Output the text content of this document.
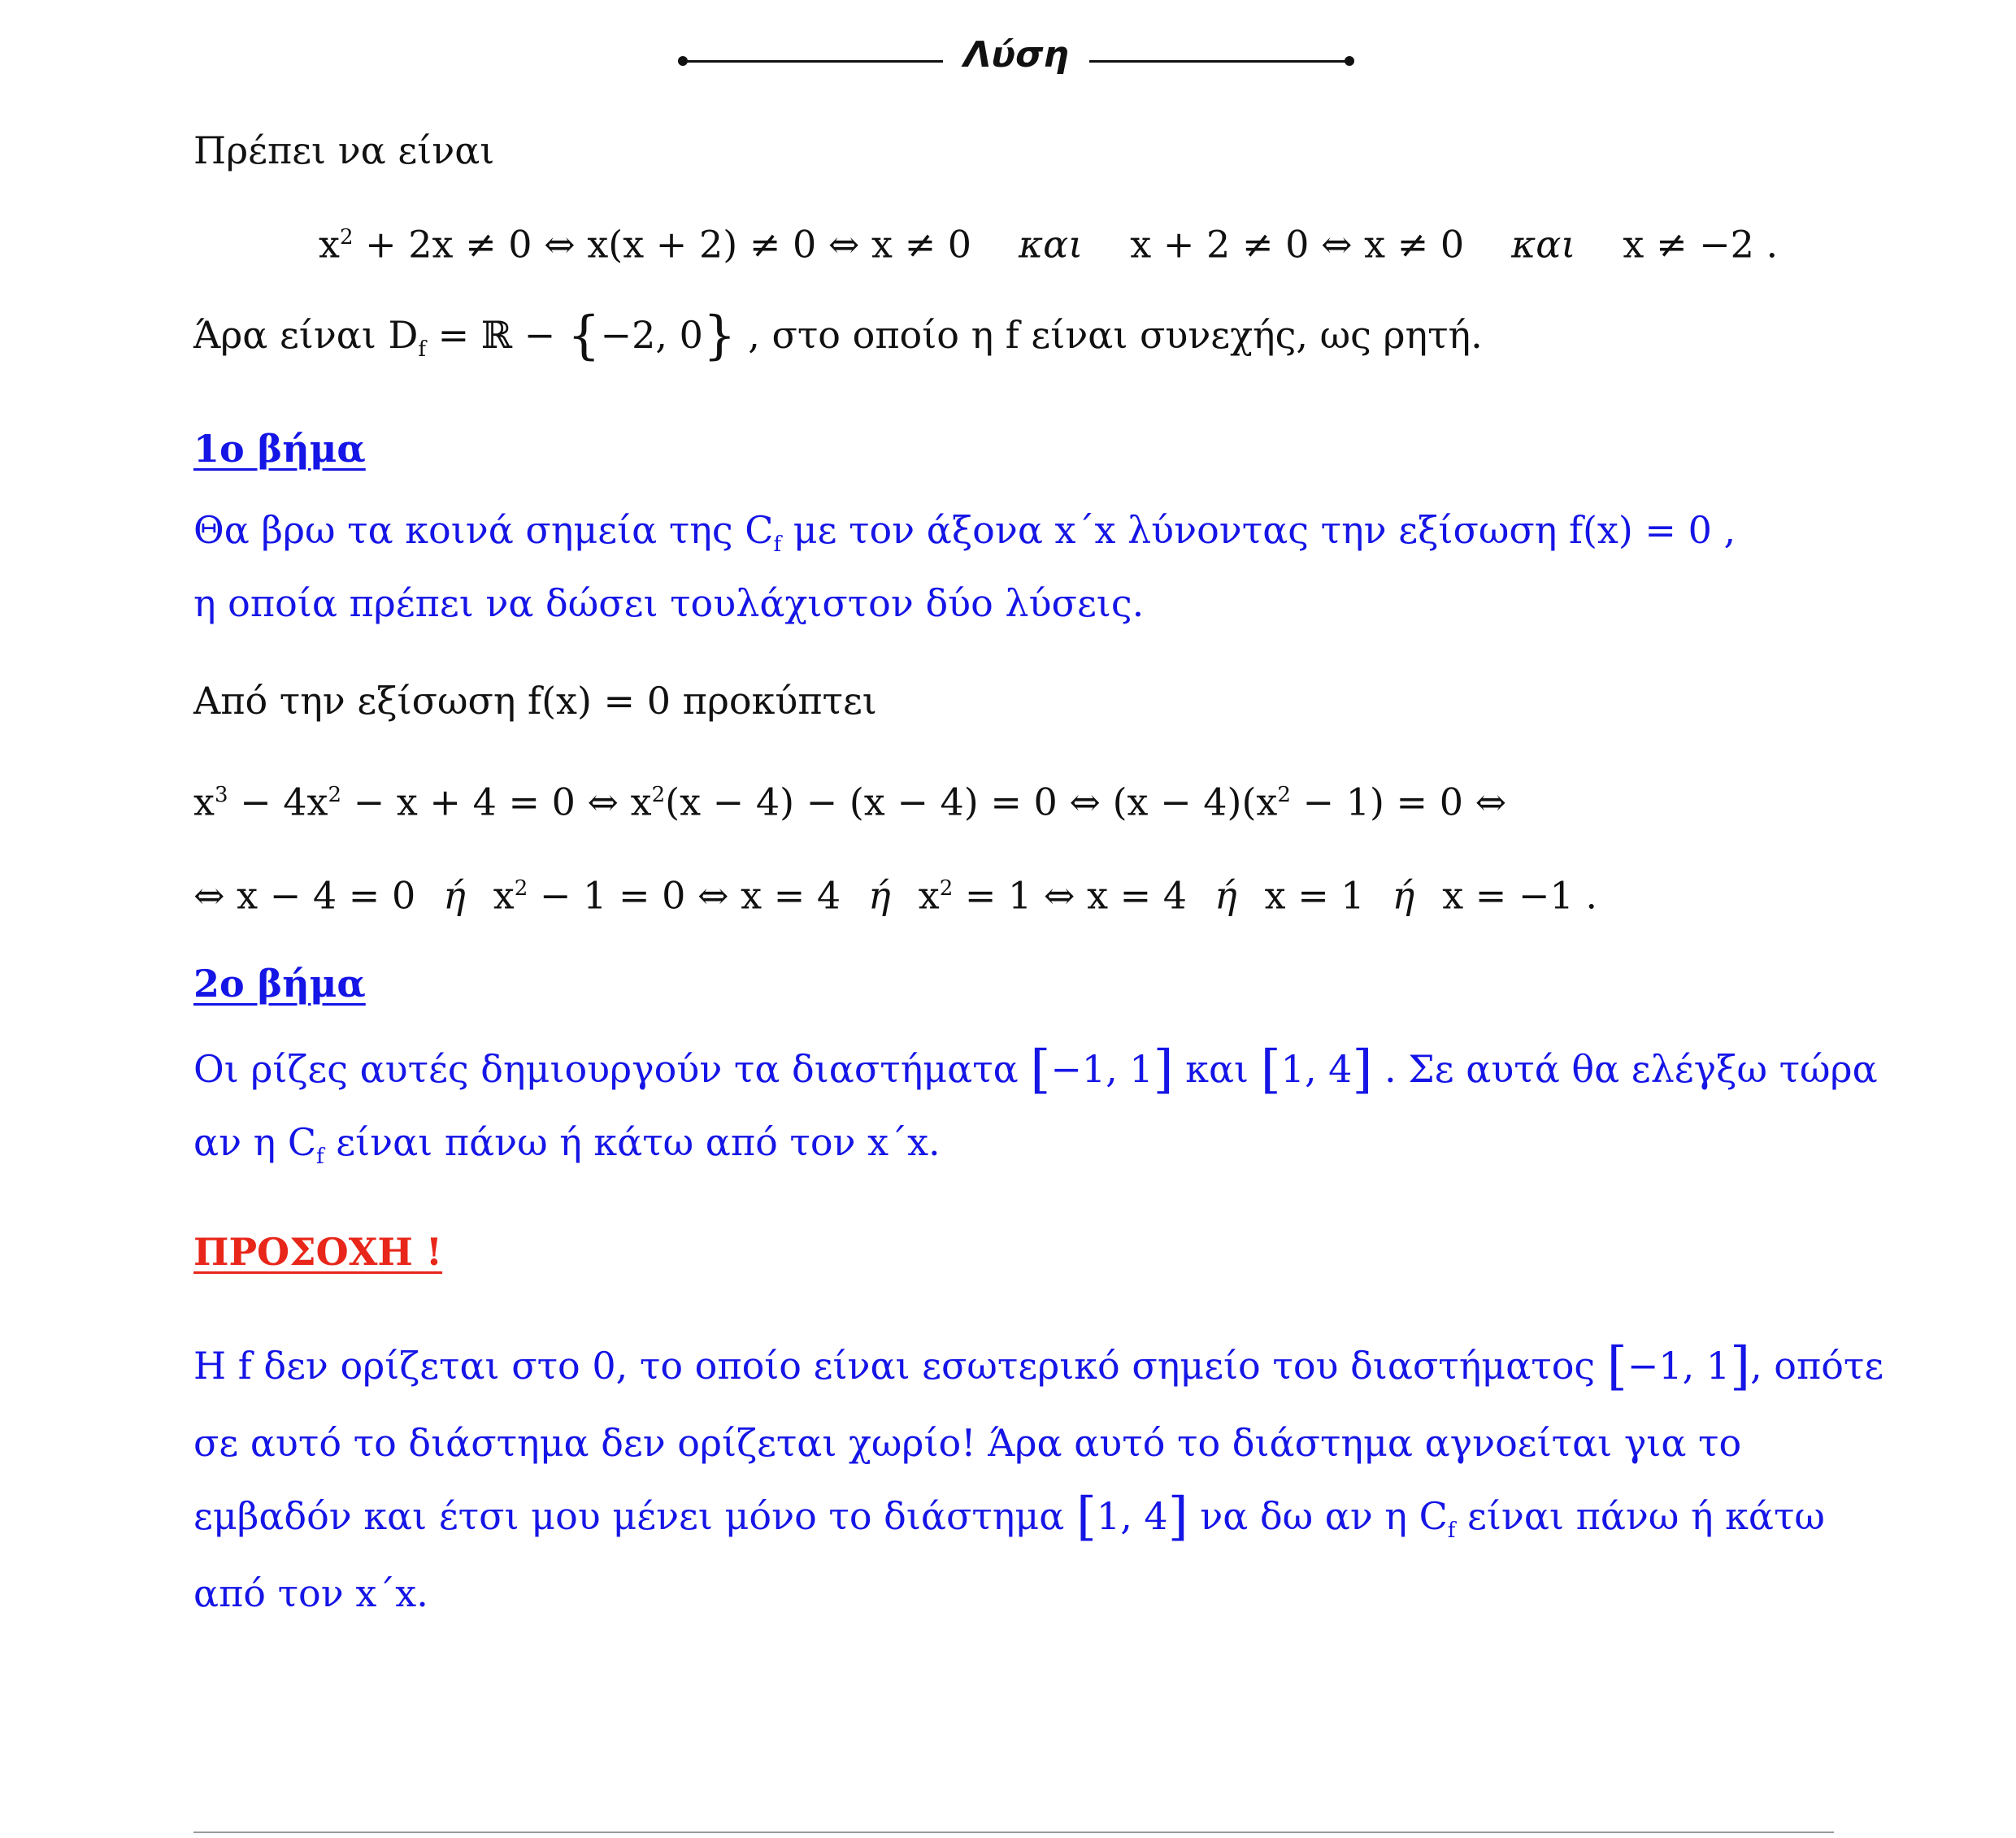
Λύση
Πρέπει να είναι
$x^2 + 2x \ne 0$ ⇔ x(x + 2) ≠ 0 ⇔ x ≠ 0 και x + 2 ≠ 0 ⇔ x ≠ 0 και x ≠ −2 .
Άρα είναι $D_f$ = ℝ − {−2, 0} , στο οποίο η f είναι συνεχής, ως ρητή.
1ο βήμα
Θα βρω τα κοινά σημεία της $C_f$ με τον άξονα x΄x λύνοντας την εξίσωση f(x) = 0 ,
η οποία πρέπει να δώσει τουλάχιστον δύο λύσεις.
Από την εξίσωση f(x) = 0 προκύπτει
$x^3 - 4x^2 - x + 4 = 0$ ⇔ $x^2(x - 4) - (x - 4) = 0$ ⇔ $(x - 4)(x^2 - 1) = 0$ ⇔
⇔ x − 4 = 0 ή $x^2 - 1 = 0$ ⇔ x = 4 ή $x^2 = 1$ ⇔ x = 4 ή x = 1 ή x = −1 .
2ο βήμα
Οι ρίζες αυτές δημιουργούν τα διαστήματα [−1, 1] και [1, 4] . Σε αυτά θα ελέγξω τώρα
αν η $C_f$ είναι πάνω ή κάτω από τον x΄x.
ΠΡΟΣΟΧΗ !
Η f δεν ορίζεται στο 0, το οποίο είναι εσωτερικό σημείο του διαστήματος [−1, 1], οπότε
σε αυτό το διάστημα δεν ορίζεται χωρίο! Άρα αυτό το διάστημα αγνοείται για το
εμβαδόν και έτσι μου μένει μόνο το διάστημα [1, 4] να δω αν η $C_f$ είναι πάνω ή κάτω
από τον x΄x.
